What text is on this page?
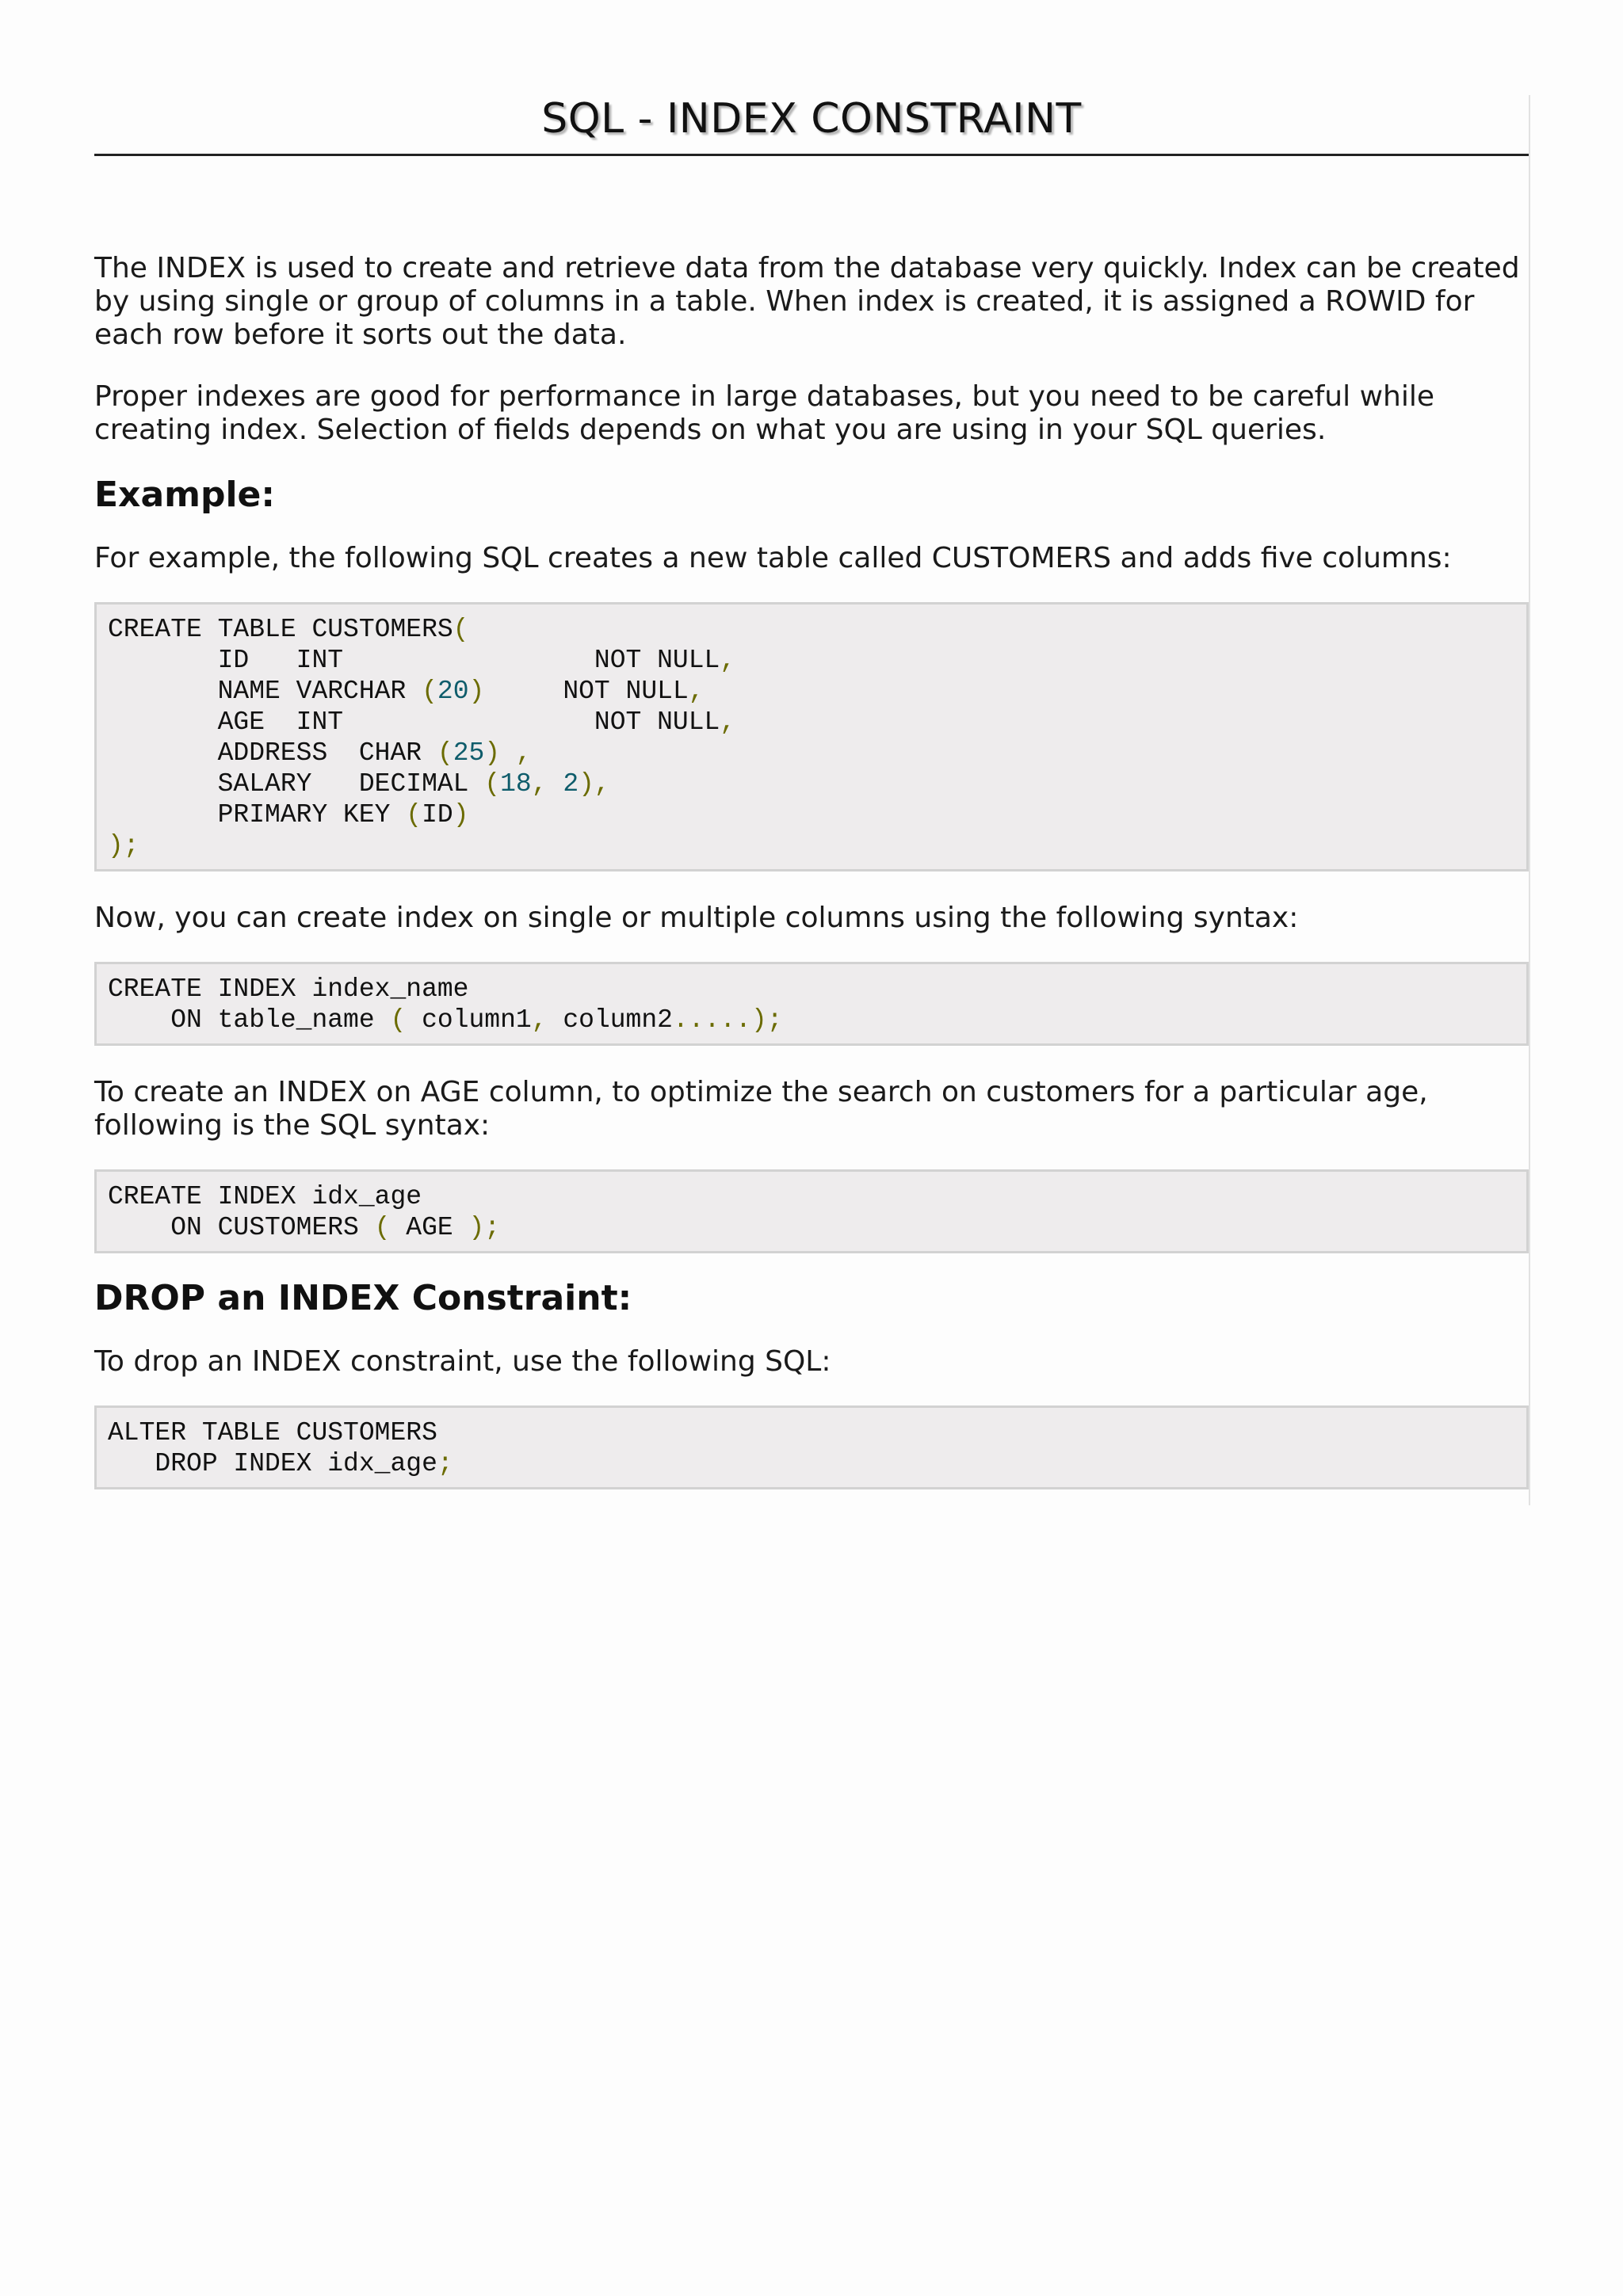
SQL - INDEX CONSTRAINT

The INDEX is used to create and retrieve data from the database very quickly. Index can be created by using single or group of columns in a table. When index is created, it is assigned a ROWID for each row before it sorts out the data.

Proper indexes are good for performance in large databases, but you need to be careful while creating index. Selection of fields depends on what you are using in your SQL queries.

Example:

For example, the following SQL creates a new table called CUSTOMERS and adds five columns:

CREATE TABLE CUSTOMERS(
ID   INT                NOT NULL,
NAME VARCHAR (20)     NOT NULL,
AGE  INT                NOT NULL,
ADDRESS  CHAR (25) ,
SALARY   DECIMAL (18, 2),
PRIMARY KEY (ID)
);

Now, you can create index on single or multiple columns using the following syntax:

CREATE INDEX index_name
ON table_name ( column1, column2.....);

To create an INDEX on AGE column, to optimize the search on customers for a particular age, following is the SQL syntax:

CREATE INDEX idx_age
ON CUSTOMERS ( AGE );
DROP an INDEX Constraint:

To drop an INDEX constraint, use the following SQL:

ALTER TABLE CUSTOMERS
DROP INDEX idx_age;
